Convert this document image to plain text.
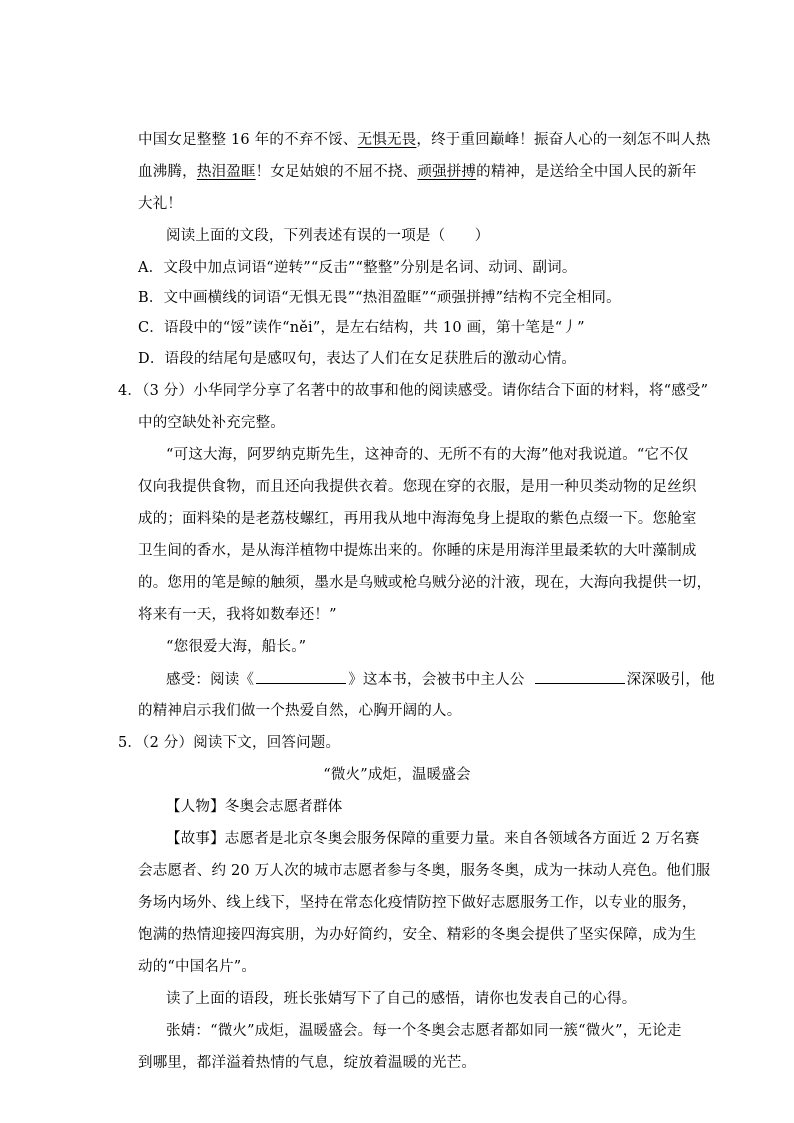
中国女足整整 16 年的不弃不馁、无惧无畏，终于重回巅峰！振奋人心的一刻怎不叫人热
血沸腾，热泪盈眶！女足姑娘的不屈不挠、顽强拼搏的精神，是送给全中国人民的新年
大礼！
阅读上面的文段，下列表述有误的一项是（　　）
A．文段中加点词语“逆转”“反击”“整整”分别是名词、动词、副词。
B．文中画横线的词语“无惧无畏”“热泪盈眶”“顽强拼搏”结构不完全相同。
C．语段中的“馁”读作“něi”，是左右结构，共 10 画，第十笔是“丿”
D．语段的结尾句是感叹句，表达了人们在女足获胜后的激动心情。
4．（3 分）小华同学分享了名著中的故事和他的阅读感受。请你结合下面的材料，将“感受”
中的空缺处补充完整。
“可这大海，阿罗纳克斯先生，这神奇的、无所不有的大海”他对我说道。“它不仅
仅向我提供食物，而且还向我提供衣着。您现在穿的衣服，是用一种贝类动物的足丝织
成的；面料染的是老荔枝螺红，再用我从地中海海兔身上提取的紫色点缀一下。您舱室
卫生间的香水，是从海洋植物中提炼出来的。你睡的床是用海洋里最柔软的大叶藻制成
的。您用的笔是鲸的触须，墨水是乌贼或枪乌贼分泌的汁液，现在，大海向我提供一切，
将来有一天，我将如数奉还！”
“您很爱大海，船长。”
感受：阅读《	》这本书，会被书中主人公	深深吸引，他
的精神启示我们做一个热爱自然，心胸开阔的人。
5．（2 分）阅读下文，回答问题。
“微火”成炬，温暖盛会
【人物】冬奥会志愿者群体
【故事】志愿者是北京冬奥会服务保障的重要力量。来自各领域各方面近 2 万名赛
会志愿者、约 20 万人次的城市志愿者参与冬奥，服务冬奥，成为一抹动人亮色。他们服
务场内场外、线上线下，坚持在常态化疫情防控下做好志愿服务工作，以专业的服务，
饱满的热情迎接四海宾朋，为办好简约，安全、精彩的冬奥会提供了坚实保障，成为生
动的“中国名片”。
读了上面的语段，班长张婧写下了自己的感悟，请你也发表自己的心得。
张婧：“微火”成炬，温暖盛会。每一个冬奥会志愿者都如同一簇“微火”，无论走
到哪里，都洋溢着热情的气息，绽放着温暖的光芒。
